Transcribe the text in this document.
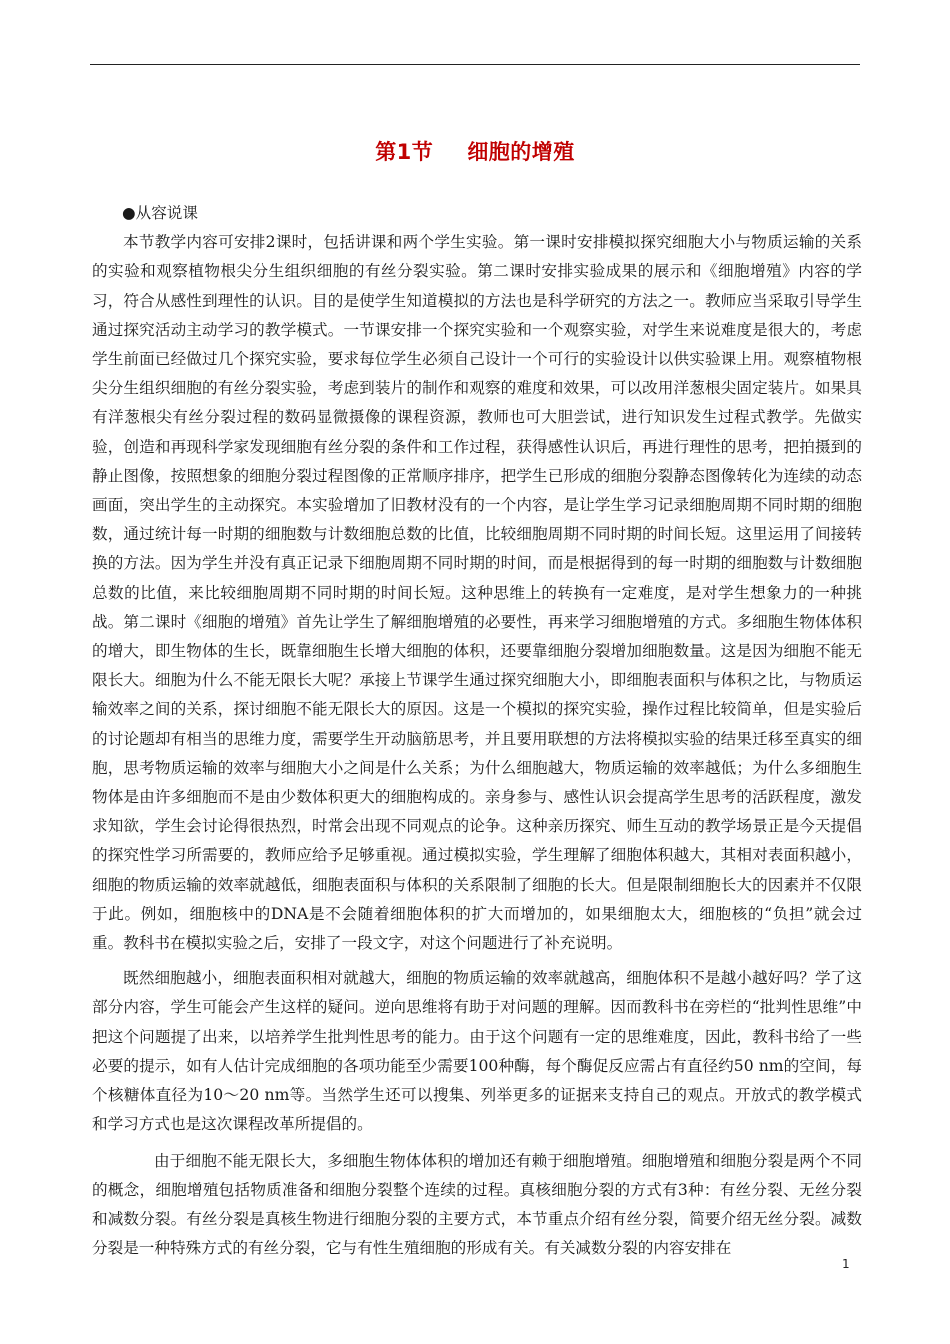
第1节 细胞的增殖

●从容说课

本节教学内容可安排2课时，包括讲课和两个学生实验。第一课时安排模拟探究细胞大小与物质运输的关系的实验和观察植物根尖分生组织细胞的有丝分裂实验。第二课时安排实验成果的展示和《细胞增殖》内容的学习，符合从感性到理性的认识。目的是使学生知道模拟的方法也是科学研究的方法之一。教师应当采取引导学生通过探究活动主动学习的教学模式。一节课安排一个探究实验和一个观察实验，对学生来说难度是很大的，考虑学生前面已经做过几个探究实验，要求每位学生必须自己设计一个可行的实验设计以供实验课上用。观察植物根尖分生组织细胞的有丝分裂实验，考虑到装片的制作和观察的难度和效果，可以改用洋葱根尖固定装片。如果具有洋葱根尖有丝分裂过程的数码显微摄像的课程资源，教师也可大胆尝试，进行知识发生过程式教学。先做实验，创造和再现科学家发现细胞有丝分裂的条件和工作过程，获得感性认识后，再进行理性的思考，把拍摄到的静止图像，按照想象的细胞分裂过程图像的正常顺序排序，把学生已形成的细胞分裂静态图像转化为连续的动态画面，突出学生的主动探究。本实验增加了旧教材没有的一个内容，是让学生学习记录细胞周期不同时期的细胞数，通过统计每一时期的细胞数与计数细胞总数的比值，比较细胞周期不同时期的时间长短。这里运用了间接转换的方法。因为学生并没有真正记录下细胞周期不同时期的时间，而是根据得到的每一时期的细胞数与计数细胞总数的比值，来比较细胞周期不同时期的时间长短。这种思维上的转换有一定难度，是对学生想象力的一种挑战。第二课时《细胞的增殖》首先让学生了解细胞增殖的必要性，再来学习细胞增殖的方式。多细胞生物体体积的增大，即生物体的生长，既靠细胞生长增大细胞的体积，还要靠细胞分裂增加细胞数量。这是因为细胞不能无限长大。细胞为什么不能无限长大呢？承接上节课学生通过探究细胞大小，即细胞表面积与体积之比，与物质运输效率之间的关系，探讨细胞不能无限长大的原因。这是一个模拟的探究实验，操作过程比较简单，但是实验后的讨论题却有相当的思维力度，需要学生开动脑筋思考，并且要用联想的方法将模拟实验的结果迁移至真实的细胞，思考物质运输的效率与细胞大小之间是什么关系；为什么细胞越大，物质运输的效率越低；为什么多细胞生物体是由许多细胞而不是由少数体积更大的细胞构成的。亲身参与、感性认识会提高学生思考的活跃程度，激发求知欲，学生会讨论得很热烈，时常会出现不同观点的论争。这种亲历探究、师生互动的教学场景正是今天提倡的探究性学习所需要的，教师应给予足够重视。通过模拟实验，学生理解了细胞体积越大，其相对表面积越小，细胞的物质运输的效率就越低，细胞表面积与体积的关系限制了细胞的长大。但是限制细胞长大的因素并不仅限于此。例如，细胞核中的DNA是不会随着细胞体积的扩大而增加的，如果细胞太大，细胞核的“负担”就会过重。教科书在模拟实验之后，安排了一段文字，对这个问题进行了补充说明。

既然细胞越小，细胞表面积相对就越大，细胞的物质运输的效率就越高，细胞体积不是越小越好吗？学了这部分内容，学生可能会产生这样的疑问。逆向思维将有助于对问题的理解。因而教科书在旁栏的“批判性思维”中把这个问题提了出来，以培养学生批判性思考的能力。由于这个问题有一定的思维难度，因此，教科书给了一些必要的提示，如有人估计完成细胞的各项功能至少需要100种酶，每个酶促反应需占有直径约50 nm的空间，每个核糖体直径为10～20 nm等。当然学生还可以搜集、列举更多的证据来支持自己的观点。开放式的教学模式和学习方式也是这次课程改革所提倡的。

由于细胞不能无限长大，多细胞生物体体积的增加还有赖于细胞增殖。细胞增殖和细胞分裂是两个不同的概念，细胞增殖包括物质准备和细胞分裂整个连续的过程。真核细胞分裂的方式有3种：有丝分裂、无丝分裂和减数分裂。有丝分裂是真核生物进行细胞分裂的主要方式，本节重点介绍有丝分裂，简要介绍无丝分裂。减数分裂是一种特殊方式的有丝分裂，它与有性生殖细胞的形成有关。有关减数分裂的内容安排在

1
